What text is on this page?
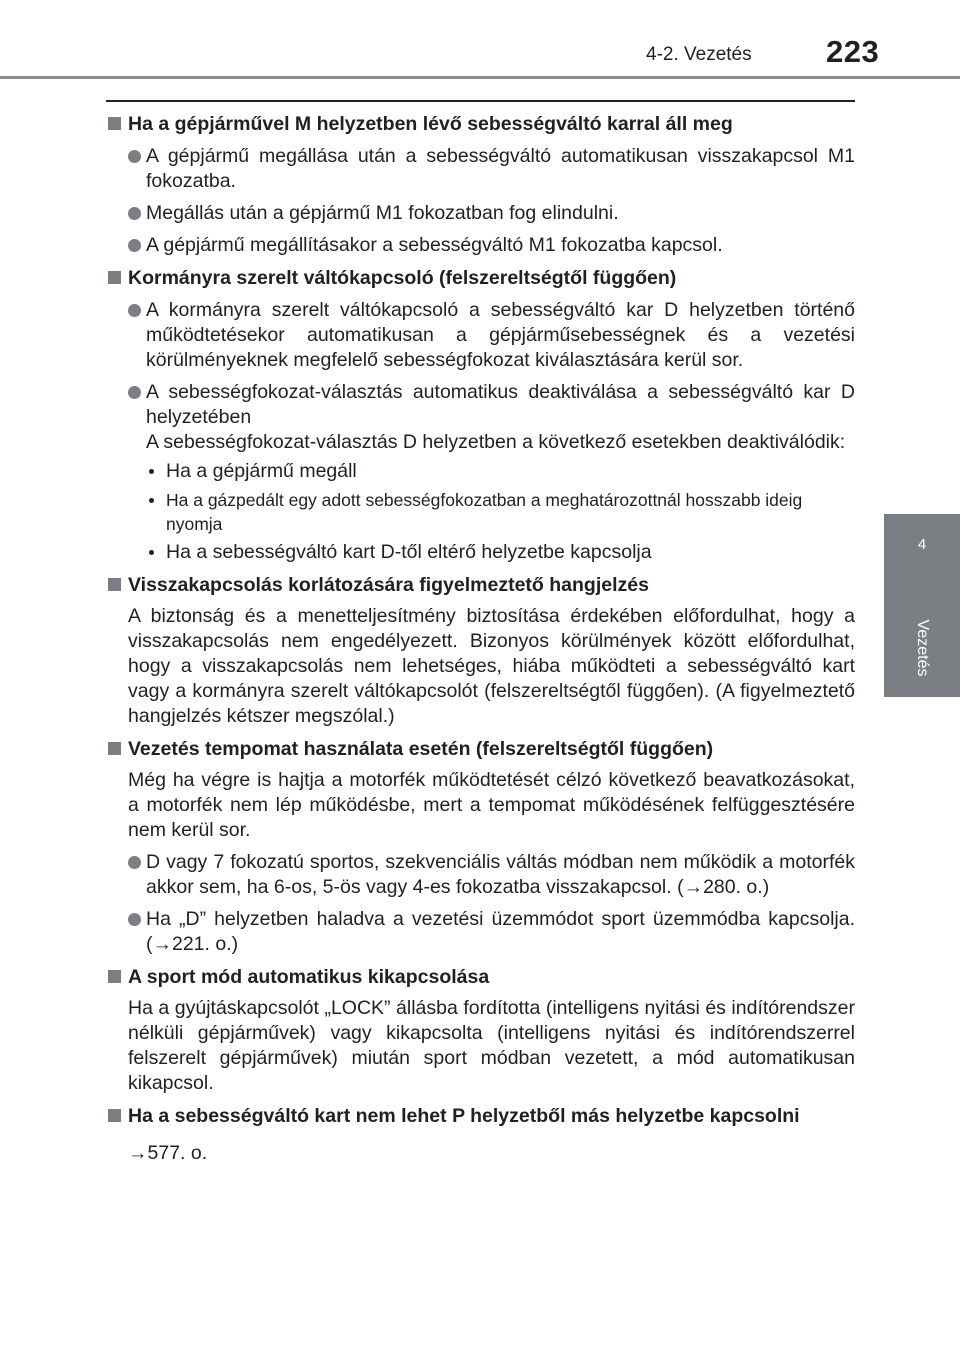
4-2. Vezetés 223
4
Vezetés
Ha a gépjárművel M helyzetben lévő sebességváltó karral áll meg
A gépjármű megállása után a sebességváltó automatikusan visszakapcsol M1 fokozatba.
Megállás után a gépjármű M1 fokozatban fog elindulni.
A gépjármű megállításakor a sebességváltó M1 fokozatba kapcsol.
Kormányra szerelt váltókapcsoló (felszereltségtől függően)
A kormányra szerelt váltókapcsoló a sebességváltó kar D helyzetben történő működtetésekor automatikusan a gépjárműsebességnek és a vezetési körülményeknek megfelelő sebességfokozat kiválasztására kerül sor.
A sebességfokozat-választás automatikus deaktiválása a sebességváltó kar D helyzetében
A sebességfokozat-választás D helyzetben a következő esetekben deaktiválódik:
Ha a gépjármű megáll
Ha a gázpedált egy adott sebességfokozatban a meghatározottnál hosszabb ideig nyomja
Ha a sebességváltó kart D-től eltérő helyzetbe kapcsolja
Visszakapcsolás korlátozására figyelmeztető hangjelzés
A biztonság és a menetteljesítmény biztosítása érdekében előfordulhat, hogy a visszakapcsolás nem engedélyezett. Bizonyos körülmények között előfordulhat, hogy a visszakapcsolás nem lehetséges, hiába működteti a sebességváltó kart vagy a kormányra szerelt váltókapcsolót (felszereltségtől függően). (A figyelmeztető hangjelzés kétszer megszólal.)
Vezetés tempomat használata esetén (felszereltségtől függően)
Még ha végre is hajtja a motorfék működtetését célzó következő beavatkozásokat, a motorfék nem lép működésbe, mert a tempomat működésének felfüggesztésére nem kerül sor.
D vagy 7 fokozatú sportos, szekvenciális váltás módban nem működik a motorfék akkor sem, ha 6-os, 5-ös vagy 4-es fokozatba visszakapcsol. (→280. o.)
Ha „D” helyzetben haladva a vezetési üzemmódot sport üzemmódba kapcsolja. (→221. o.)
A sport mód automatikus kikapcsolása
Ha a gyújtáskapcsolót „LOCK” állásba fordította (intelligens nyitási és indítórendszer nélküli gépjárművek) vagy kikapcsolta (intelligens nyitási és indítórendszerrel felszerelt gépjárművek) miután sport módban vezetett, a mód automatikusan kikapcsol.
Ha a sebességváltó kart nem lehet P helyzetből más helyzetbe kapcsolni
→577. o.
